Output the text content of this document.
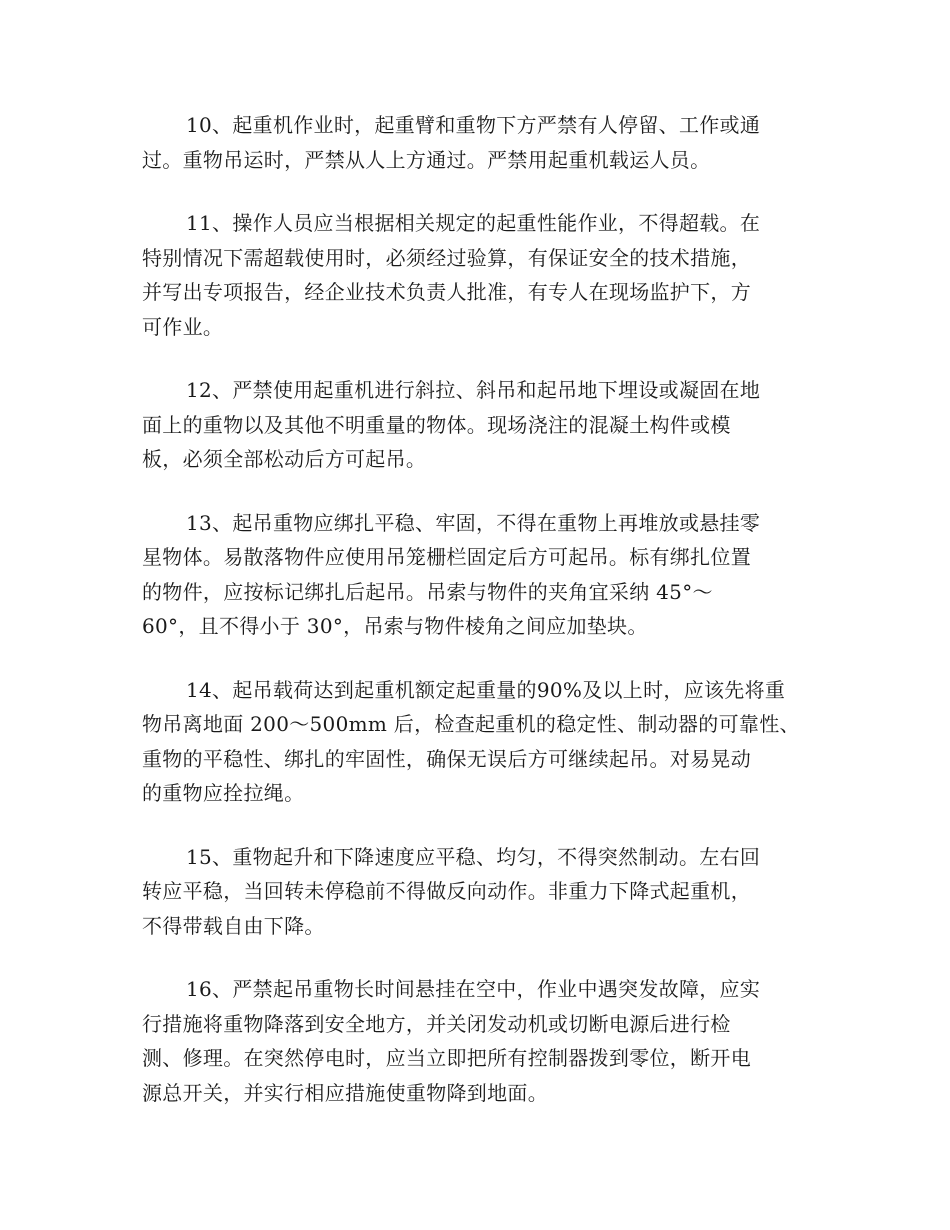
10、起重机作业时，起重臂和重物下方严禁有人停留、工作或通
过。重物吊运时，严禁从人上方通过。严禁用起重机载运人员。

11、操作人员应当根据相关规定的起重性能作业，不得超载。在
特别情况下需超载使用时，必须经过验算，有保证安全的技术措施，
并写出专项报告，经企业技术负责人批准，有专人在现场监护下，方
可作业。

12、严禁使用起重机进行斜拉、斜吊和起吊地下埋设或凝固在地
面上的重物以及其他不明重量的物体。现场浇注的混凝土构件或模
板，必须全部松动后方可起吊。

13、起吊重物应绑扎平稳、牢固，不得在重物上再堆放或悬挂零
星物体。易散落物件应使用吊笼栅栏固定后方可起吊。标有绑扎位置
的物件，应按标记绑扎后起吊。吊索与物件的夹角宜采纳 45°～
60°，且不得小于 30°，吊索与物件棱角之间应加垫块。

14、起吊载荷达到起重机额定起重量的90%及以上时，应该先将重
物吊离地面 200～500mm 后，检查起重机的稳定性、制动器的可靠性、
重物的平稳性、绑扎的牢固性，确保无误后方可继续起吊。对易晃动
的重物应拴拉绳。

15、重物起升和下降速度应平稳、均匀，不得突然制动。左右回
转应平稳，当回转未停稳前不得做反向动作。非重力下降式起重机，
不得带载自由下降。

16、严禁起吊重物长时间悬挂在空中，作业中遇突发故障，应实
行措施将重物降落到安全地方，并关闭发动机或切断电源后进行检
测、修理。在突然停电时，应当立即把所有控制器拨到零位，断开电
源总开关，并实行相应措施使重物降到地面。
